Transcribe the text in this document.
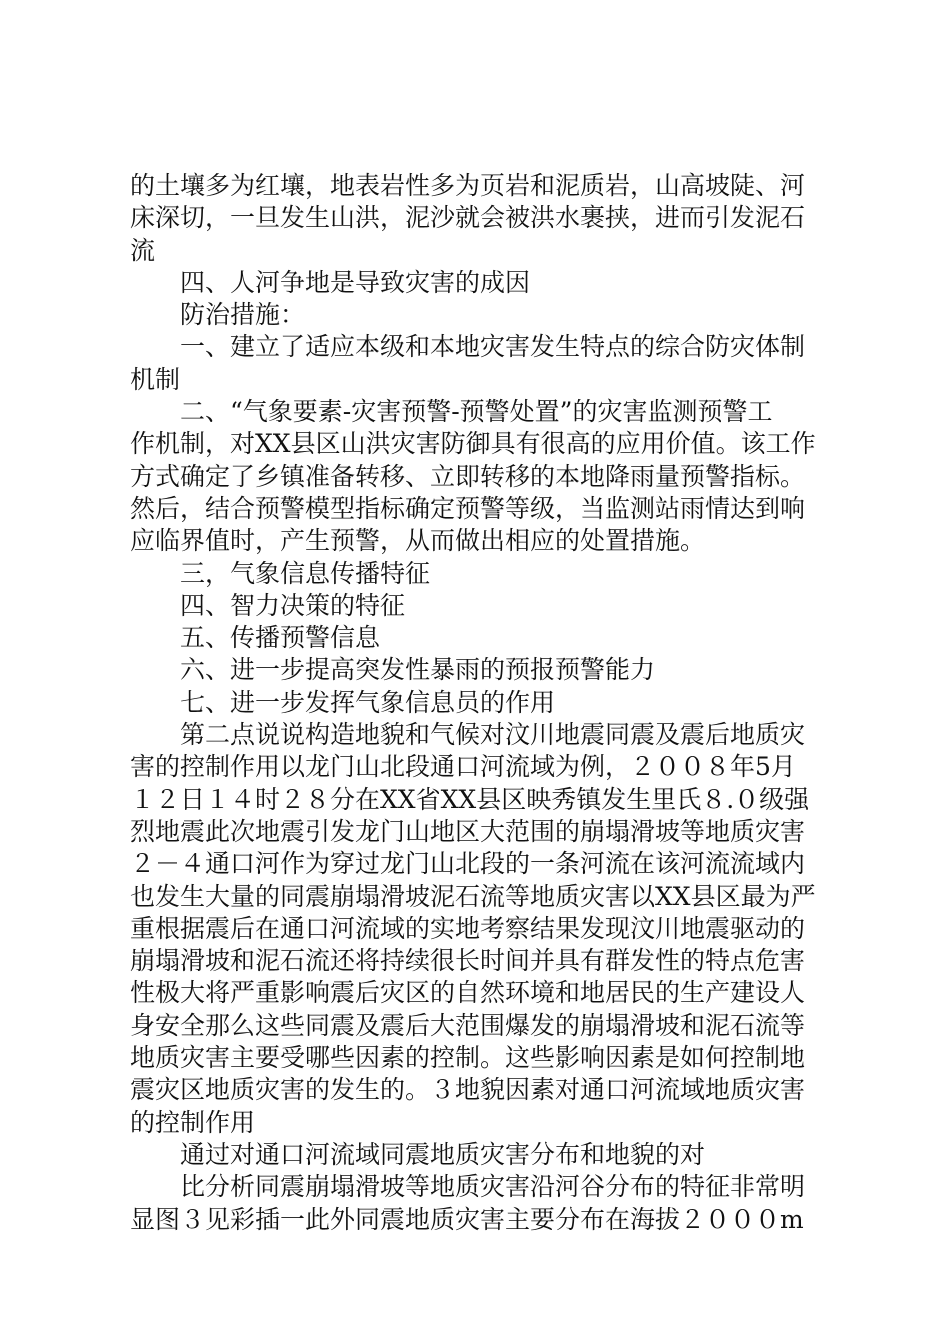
的土壤多为红壤，地表岩性多为页岩和泥质岩，山高坡陡、河
床深切，一旦发生山洪，泥沙就会被洪水裹挟，进而引发泥石
流
四、人河争地是导致灾害的成因
防治措施：
一、建立了适应本级和本地灾害发生特点的综合防灾体制
机制
二、“气象要素-灾害预警-预警处置”的灾害监测预警工
作机制，对XX县区山洪灾害防御具有很高的应用价值。该工作
方式确定了乡镇准备转移、立即转移的本地降雨量预警指标。
然后，结合预警模型指标确定预警等级，当监测站雨情达到响
应临界值时，产生预警，从而做出相应的处置措施。
三，气象信息传播特征
四、智力决策的特征
五、传播预警信息
六、进一步提高突发性暴雨的预报预警能力
七、进一步发挥气象信息员的作用
第二点说说构造地貌和气候对汶川地震同震及震后地质灾
害的控制作用以龙门山北段通口河流域为例，２００８年5月
１２日１４时２８分在XX省XX县区映秀镇发生里氏８.０级强
烈地震此次地震引发龙门山地区大范围的崩塌滑坡等地质灾害
２－４通口河作为穿过龙门山北段的一条河流在该河流流域内
也发生大量的同震崩塌滑坡泥石流等地质灾害以XX县区最为严
重根据震后在通口河流域的实地考察结果发现汶川地震驱动的
崩塌滑坡和泥石流还将持续很长时间并具有群发性的特点危害
性极大将严重影响震后灾区的自然环境和地居民的生产建设人
身安全那么这些同震及震后大范围爆发的崩塌滑坡和泥石流等
地质灾害主要受哪些因素的控制。这些影响因素是如何控制地
震灾区地质灾害的发生的。３地貌因素对通口河流域地质灾害
的控制作用
通过对通口河流域同震地质灾害分布和地貌的对
比分析同震崩塌滑坡等地质灾害沿河谷分布的特征非常明
显图３见彩插一此外同震地质灾害主要分布在海拔２０００m
